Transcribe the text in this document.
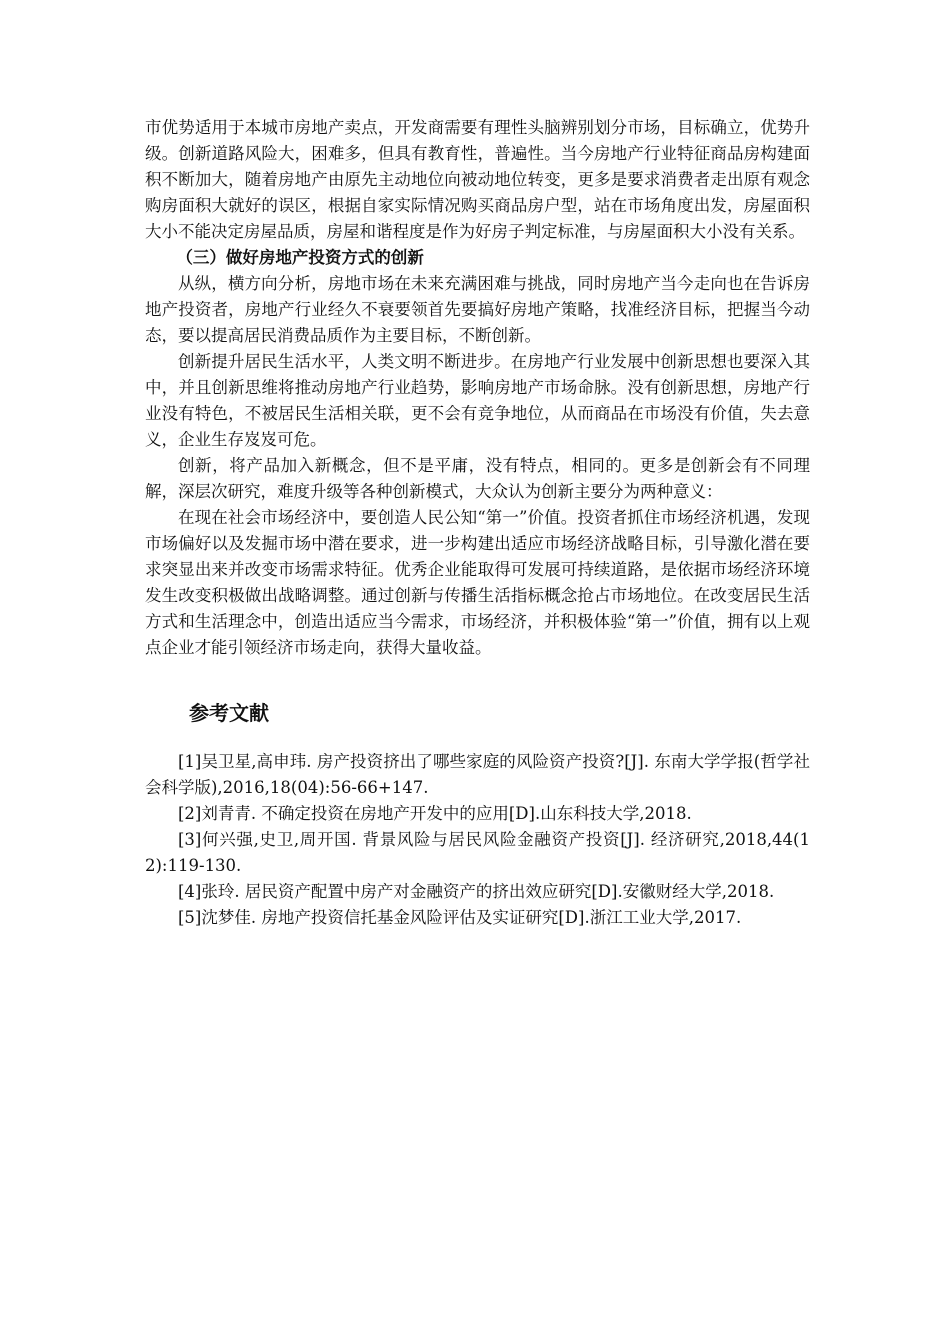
市优势适用于本城市房地产卖点，开发商需要有理性头脑辨别划分市场，目标确立，优势升级。创新道路风险大，困难多，但具有教育性，普遍性。当今房地产行业特征商品房构建面积不断加大，随着房地产由原先主动地位向被动地位转变，更多是要求消费者走出原有观念购房面积大就好的误区，根据自家实际情况购买商品房户型，站在市场角度出发，房屋面积大小不能决定房屋品质，房屋和谐程度是作为好房子判定标准，与房屋面积大小没有关系。

（三）做好房地产投资方式的创新

从纵，横方向分析，房地市场在未来充满困难与挑战，同时房地产当今走向也在告诉房地产投资者，房地产行业经久不衰要领首先要搞好房地产策略，找准经济目标，把握当今动态，要以提高居民消费品质作为主要目标，不断创新。

创新提升居民生活水平，人类文明不断进步。在房地产行业发展中创新思想也要深入其中，并且创新思维将推动房地产行业趋势，影响房地产市场命脉。没有创新思想，房地产行业没有特色，不被居民生活相关联，更不会有竞争地位，从而商品在市场没有价值，失去意义，企业生存岌岌可危。

创新，将产品加入新概念，但不是平庸，没有特点，相同的。更多是创新会有不同理解，深层次研究，难度升级等各种创新模式，大众认为创新主要分为两种意义：

在现在社会市场经济中，要创造人民公知“第一”价值。投资者抓住市场经济机遇，发现市场偏好以及发掘市场中潜在要求，进一步构建出适应市场经济战略目标，引导激化潜在要求突显出来并改变市场需求特征。优秀企业能取得可发展可持续道路，是依据市场经济环境发生改变积极做出战略调整。通过创新与传播生活指标概念抢占市场地位。在改变居民生活方式和生活理念中，创造出适应当今需求，市场经济，并积极体验“第一”价值，拥有以上观点企业才能引领经济市场走向，获得大量收益。

参考文献

[1]吴卫星,高申玮. 房产投资挤出了哪些家庭的风险资产投资?[J]. 东南大学学报(哲学社会科学版),2016,18(04):56-66+147.

[2]刘青青. 不确定投资在房地产开发中的应用[D].山东科技大学,2018.

[3]何兴强,史卫,周开国. 背景风险与居民风险金融资产投资[J]. 经济研究,2018,44(12):119-130.

[4]张玲. 居民资产配置中房产对金融资产的挤出效应研究[D].安徽财经大学,2018.

[5]沈梦佳. 房地产投资信托基金风险评估及实证研究[D].浙江工业大学,2017.
